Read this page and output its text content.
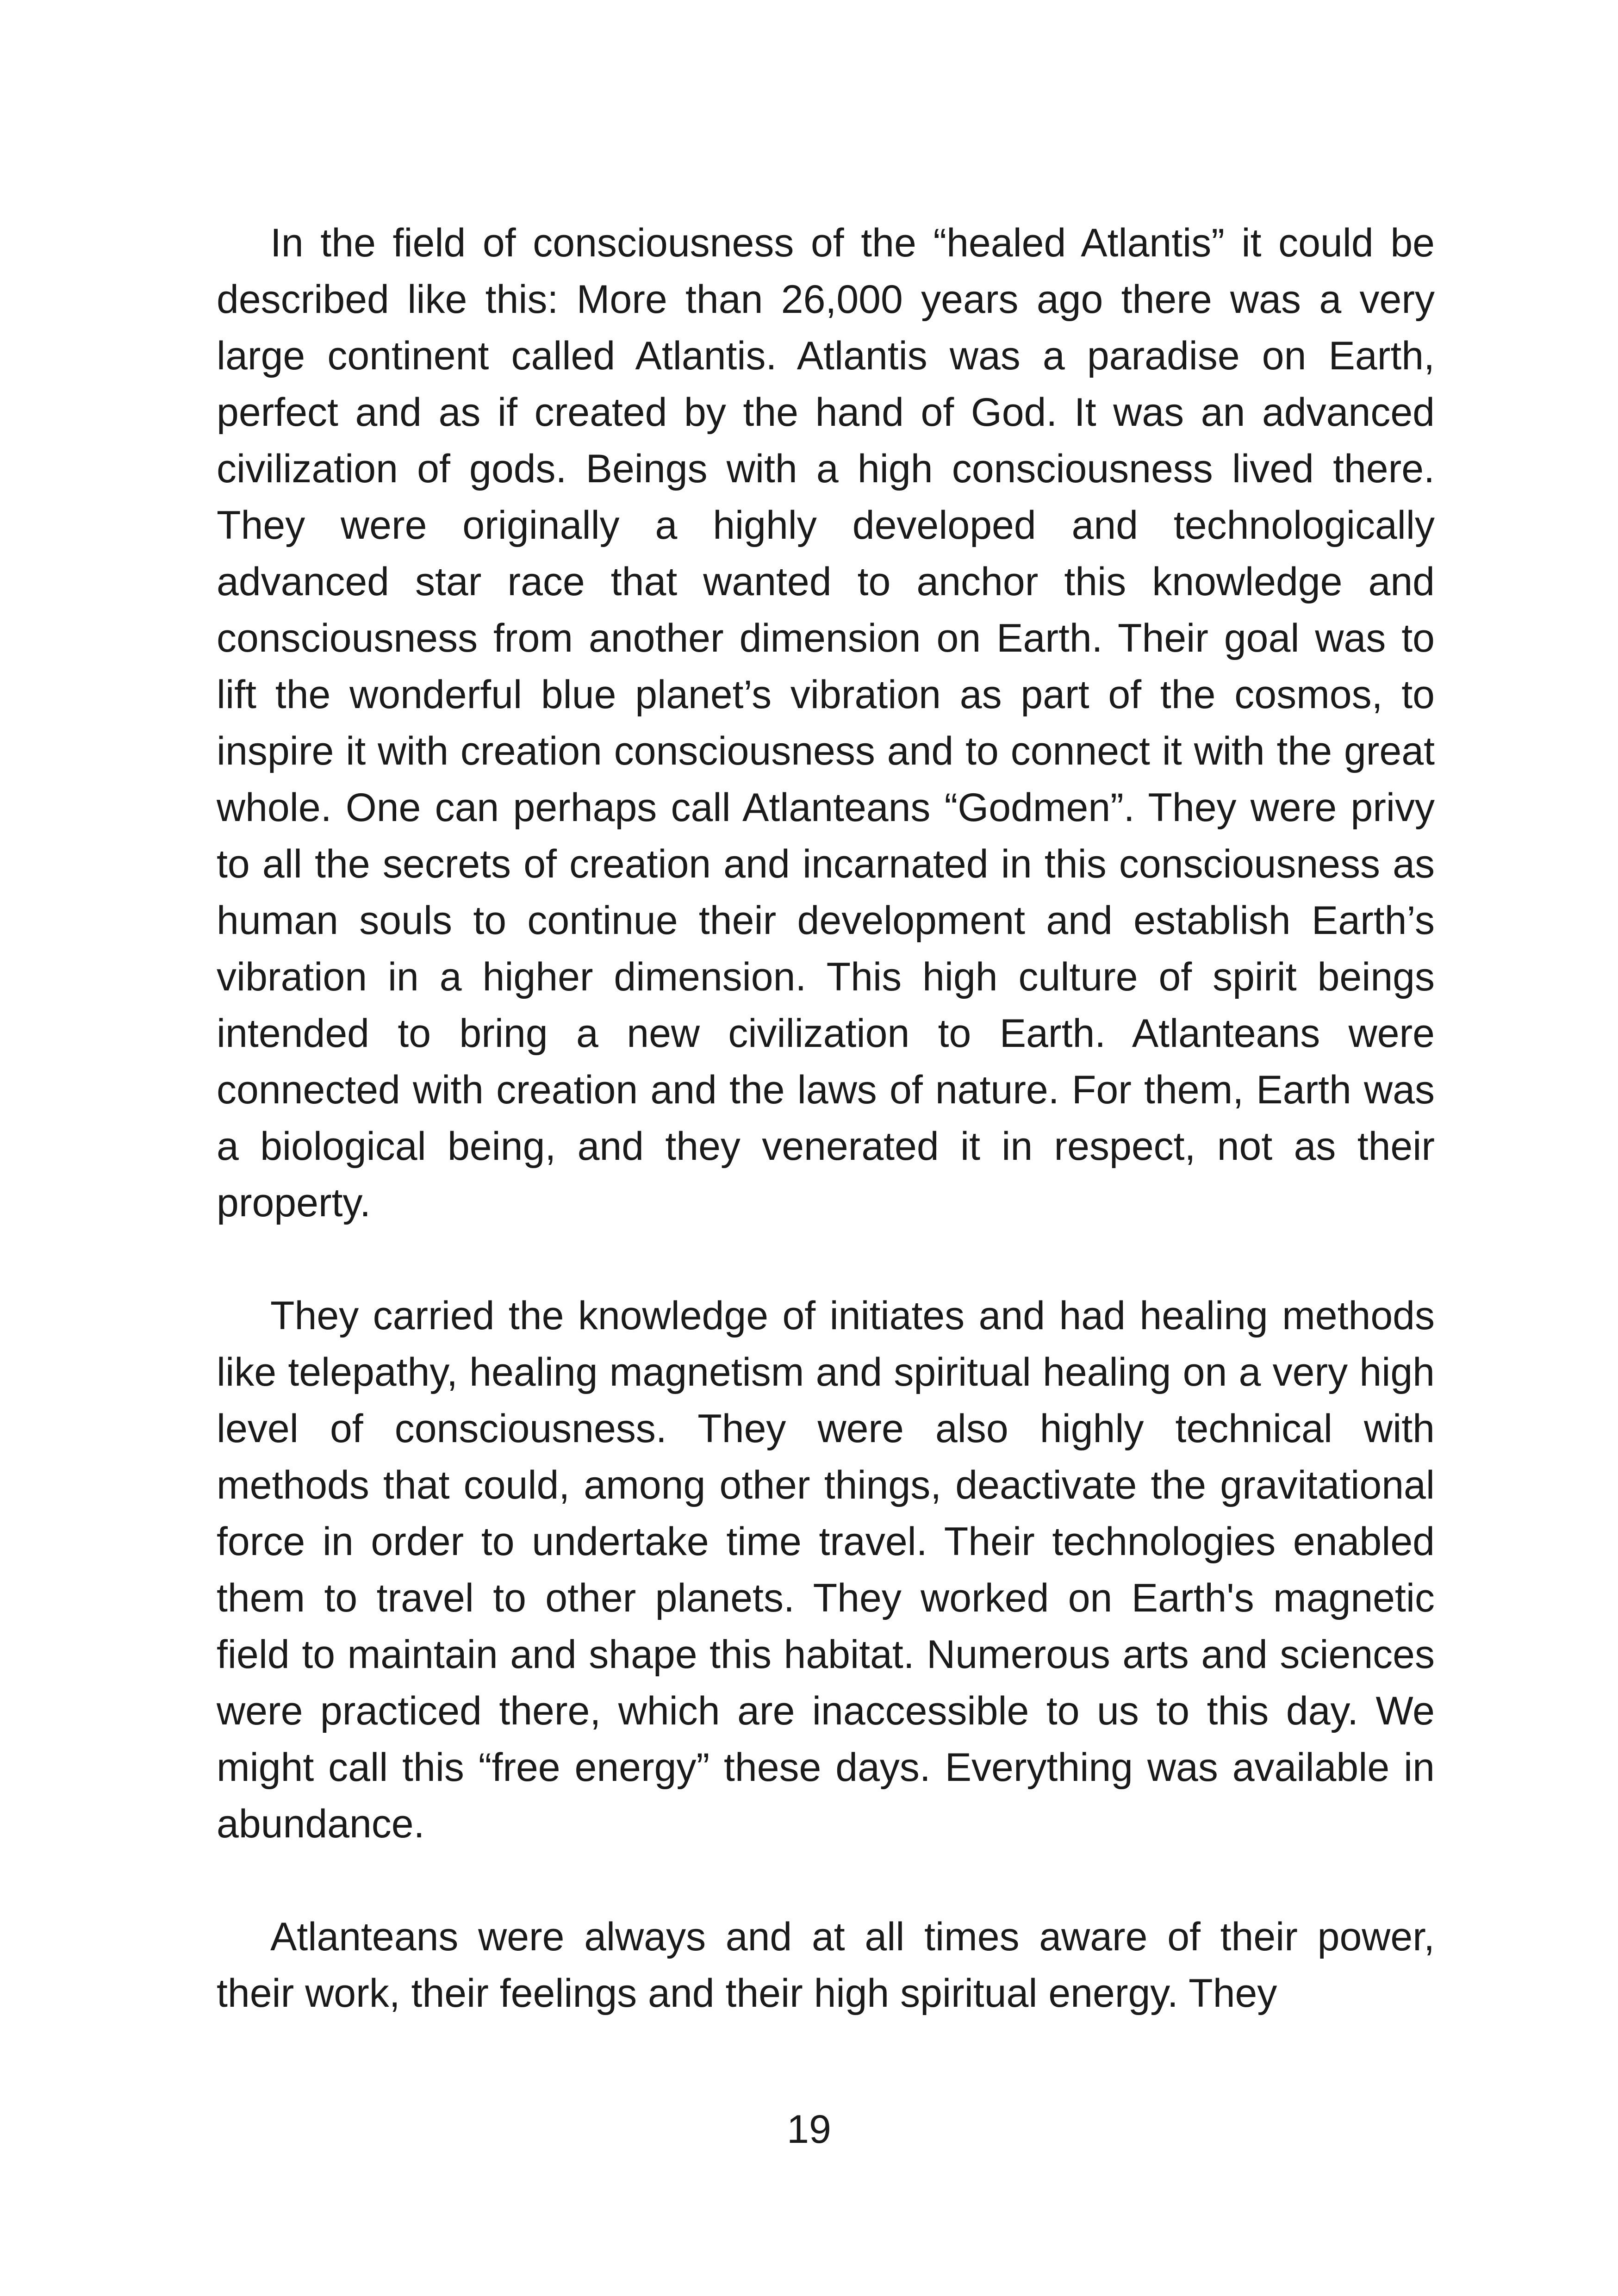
In the field of consciousness of the “healed Atlantis” it could be described like this: More than 26,000 years ago there was a very large continent called Atlantis. Atlantis was a paradise on Earth, perfect and as if created by the hand of God. It was an advanced civilization of gods. Beings with a high consciousness lived there. They were originally a highly developed and technologically advanced star race that wanted to anchor this knowledge and consciousness from another dimension on Earth. Their goal was to lift the wonderful blue planet’s vibration as part of the cosmos, to inspire it with creation consciousness and to connect it with the great whole. One can perhaps call Atlanteans “Godmen”. They were privy to all the secrets of creation and incarnated in this consciousness as human souls to continue their development and establish Earth’s vibration in a higher dimension. This high culture of spirit beings intended to bring a new civilization to Earth. Atlanteans were connected with creation and the laws of nature. For them, Earth was a biological being, and they venerated it in respect, not as their property.

They carried the knowledge of initiates and had healing methods like telepathy, healing magnetism and spiritual healing on a very high level of consciousness. They were also highly technical with methods that could, among other things, deactivate the gravitational force in order to undertake time travel. Their technologies enabled them to travel to other planets. They worked on Earth's magnetic field to maintain and shape this habitat. Numerous arts and sciences were practiced there, which are inaccessible to us to this day. We might call this “free energy” these days. Everything was available in abundance.

Atlanteans were always and at all times aware of their power, their work, their feelings and their high spiritual energy. They

19
